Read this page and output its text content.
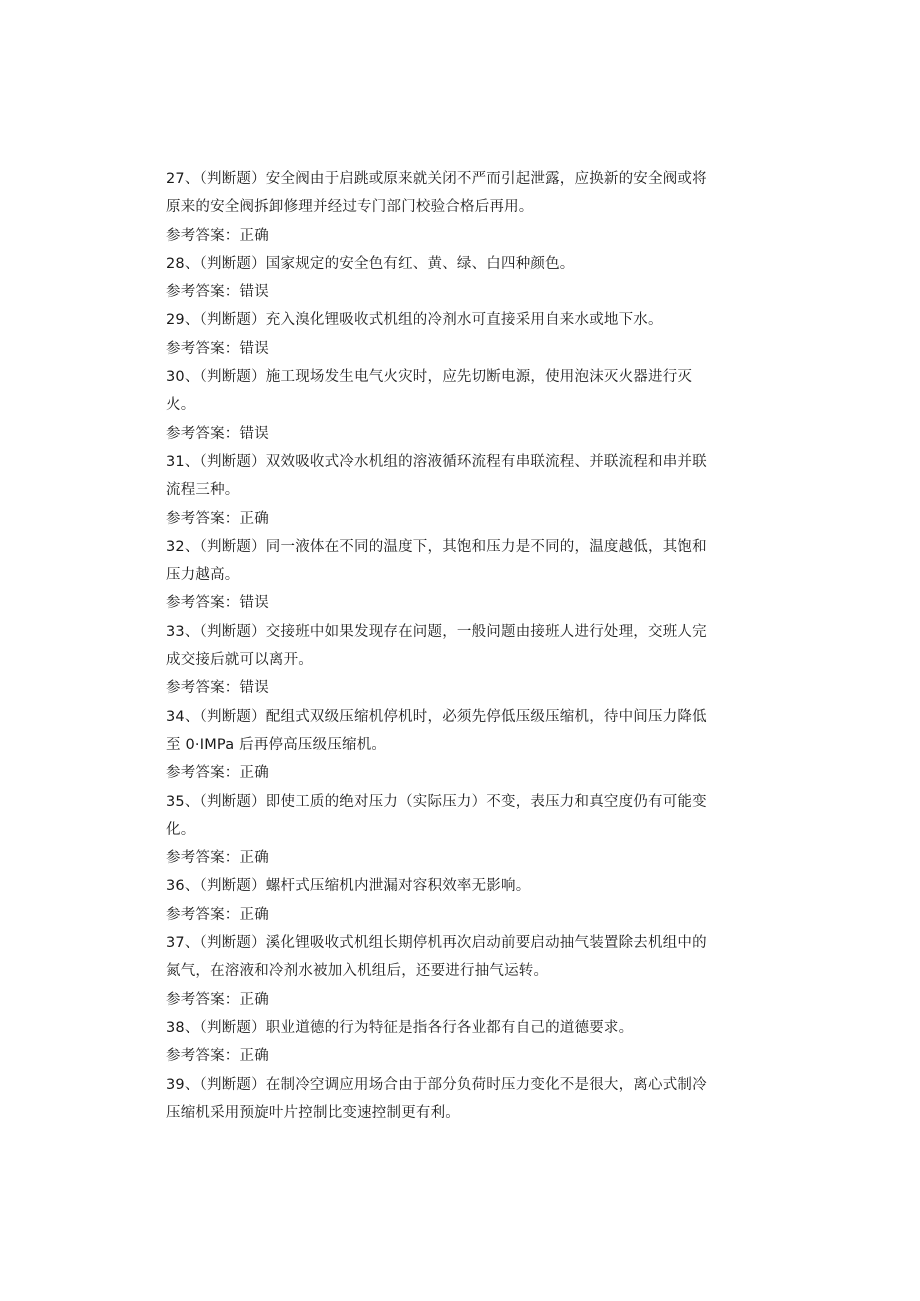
27、（判断题）安全阀由于启跳或原来就关闭不严而引起泄露，应换新的安全阀或将
原来的安全阀拆卸修理并经过专门部门校验合格后再用。
参考答案：正确
28、（判断题）国家规定的安全色有红、黄、绿、白四种颜色。
参考答案：错误
29、（判断题）充入溴化锂吸收式机组的冷剂水可直接采用自来水或地下水。
参考答案：错误
30、（判断题）施工现场发生电气火灾时，应先切断电源，使用泡沫灭火器进行灭
火。
参考答案：错误
31、（判断题）双效吸收式冷水机组的溶液循环流程有串联流程、并联流程和串并联
流程三种。
参考答案：正确
32、（判断题）同一液体在不同的温度下，其饱和压力是不同的，温度越低，其饱和
压力越高。
参考答案：错误
33、（判断题）交接班中如果发现存在问题，一般问题由接班人进行处理，交班人完
成交接后就可以离开。
参考答案：错误
34、（判断题）配组式双级压缩机停机时，必须先停低压级压缩机，待中间压力降低
至 0·IMPa 后再停高压级压缩机。
参考答案：正确
35、（判断题）即使工质的绝对压力（实际压力）不变，表压力和真空度仍有可能变
化。
参考答案：正确
36、（判断题）螺杆式压缩机内泄漏对容积效率无影响。
参考答案：正确
37、（判断题）溪化锂吸收式机组长期停机再次启动前要启动抽气装置除去机组中的
氮气，在溶液和冷剂水被加入机组后，还要进行抽气运转。
参考答案：正确
38、（判断题）职业道德的行为特征是指各行各业都有自己的道德要求。
参考答案：正确
39、（判断题）在制冷空调应用场合由于部分负荷时压力变化不是很大，离心式制冷
压缩机采用预旋叶片控制比变速控制更有利。
